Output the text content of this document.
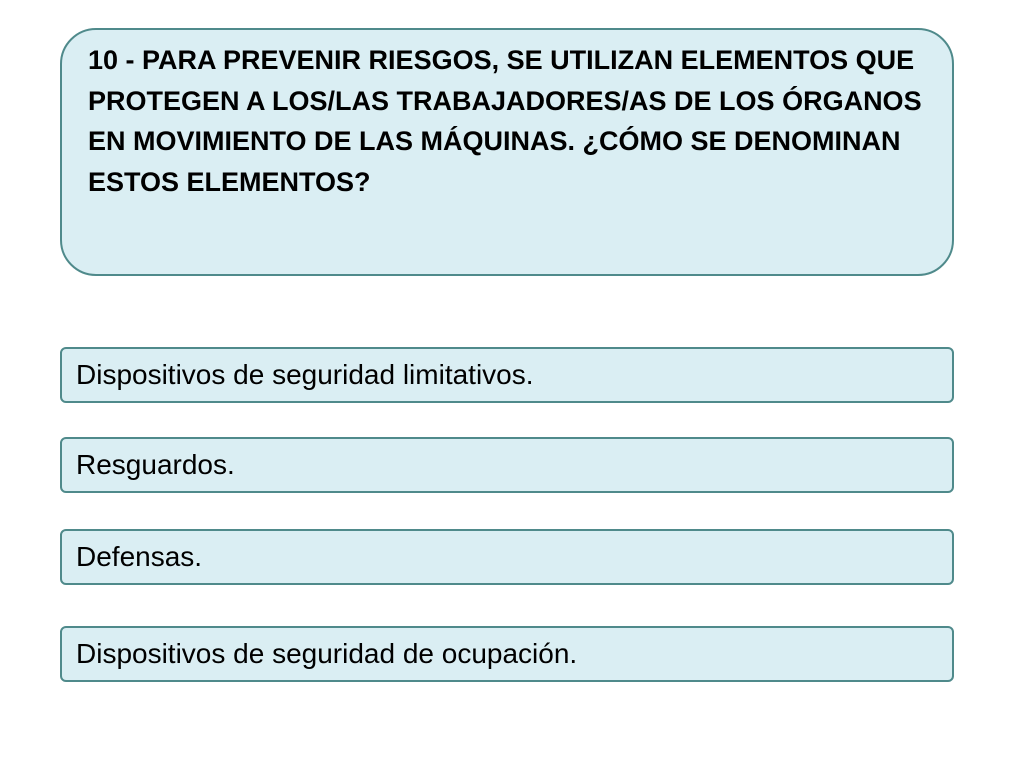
10 - PARA PREVENIR RIESGOS, SE UTILIZAN ELEMENTOS QUE PROTEGEN A LOS/LAS TRABAJADORES/AS DE LOS ÓRGANOS EN MOVIMIENTO DE LAS MÁQUINAS. ¿CÓMO SE DENOMINAN ESTOS ELEMENTOS?
Dispositivos de seguridad limitativos.
Resguardos.
Defensas.
Dispositivos de seguridad de ocupación.
